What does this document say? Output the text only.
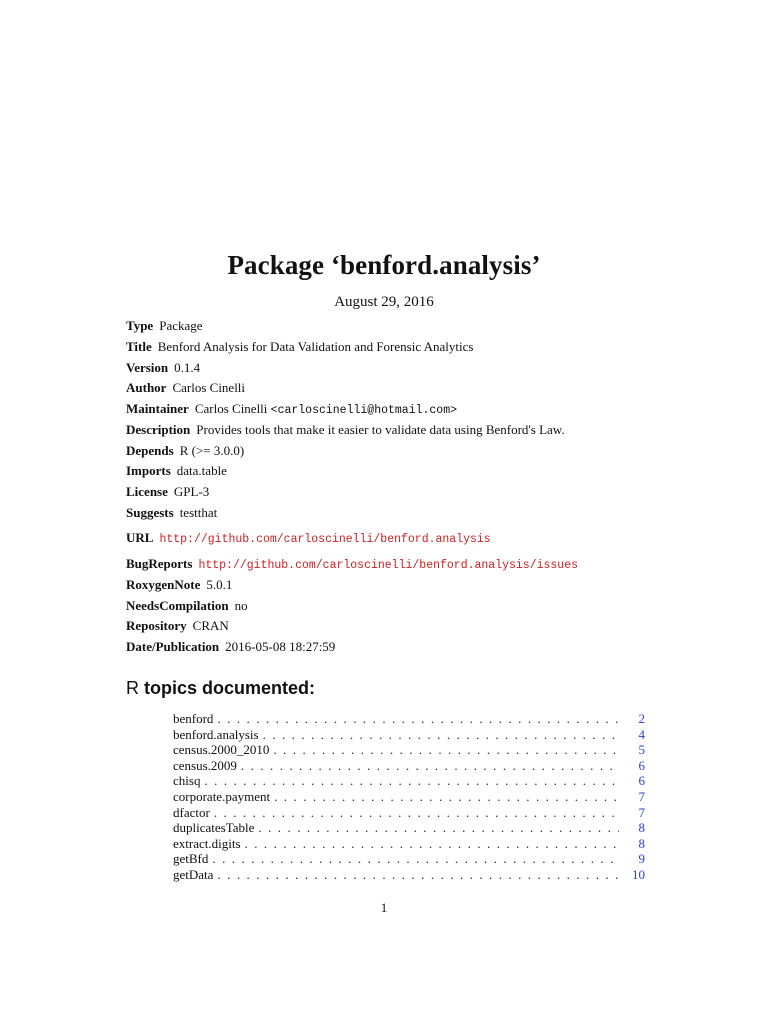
Package ‘benford.analysis’
August 29, 2016
Type Package
Title Benford Analysis for Data Validation and Forensic Analytics
Version 0.1.4
Author Carlos Cinelli
Maintainer Carlos Cinelli <carloscinelli@hotmail.com>
Description Provides tools that make it easier to validate data using Benford's Law.
Depends R (>= 3.0.0)
Imports data.table
License GPL-3
Suggests testthat
URL http://github.com/carloscinelli/benford.analysis
BugReports http://github.com/carloscinelli/benford.analysis/issues
RoxygenNote 5.0.1
NeedsCompilation no
Repository CRAN
Date/Publication 2016-05-08 18:27:59
R topics documented:
benford . . .	2
benford.analysis . . .	4
census.2000_2010 . . .	5
census.2009 . . .	6
chisq . . .	6
corporate.payment . . .	7
dfactor . . .	7
duplicatesTable . . .	8
extract.digits . . .	8
getBfd . . .	9
getData . . .	10
1
